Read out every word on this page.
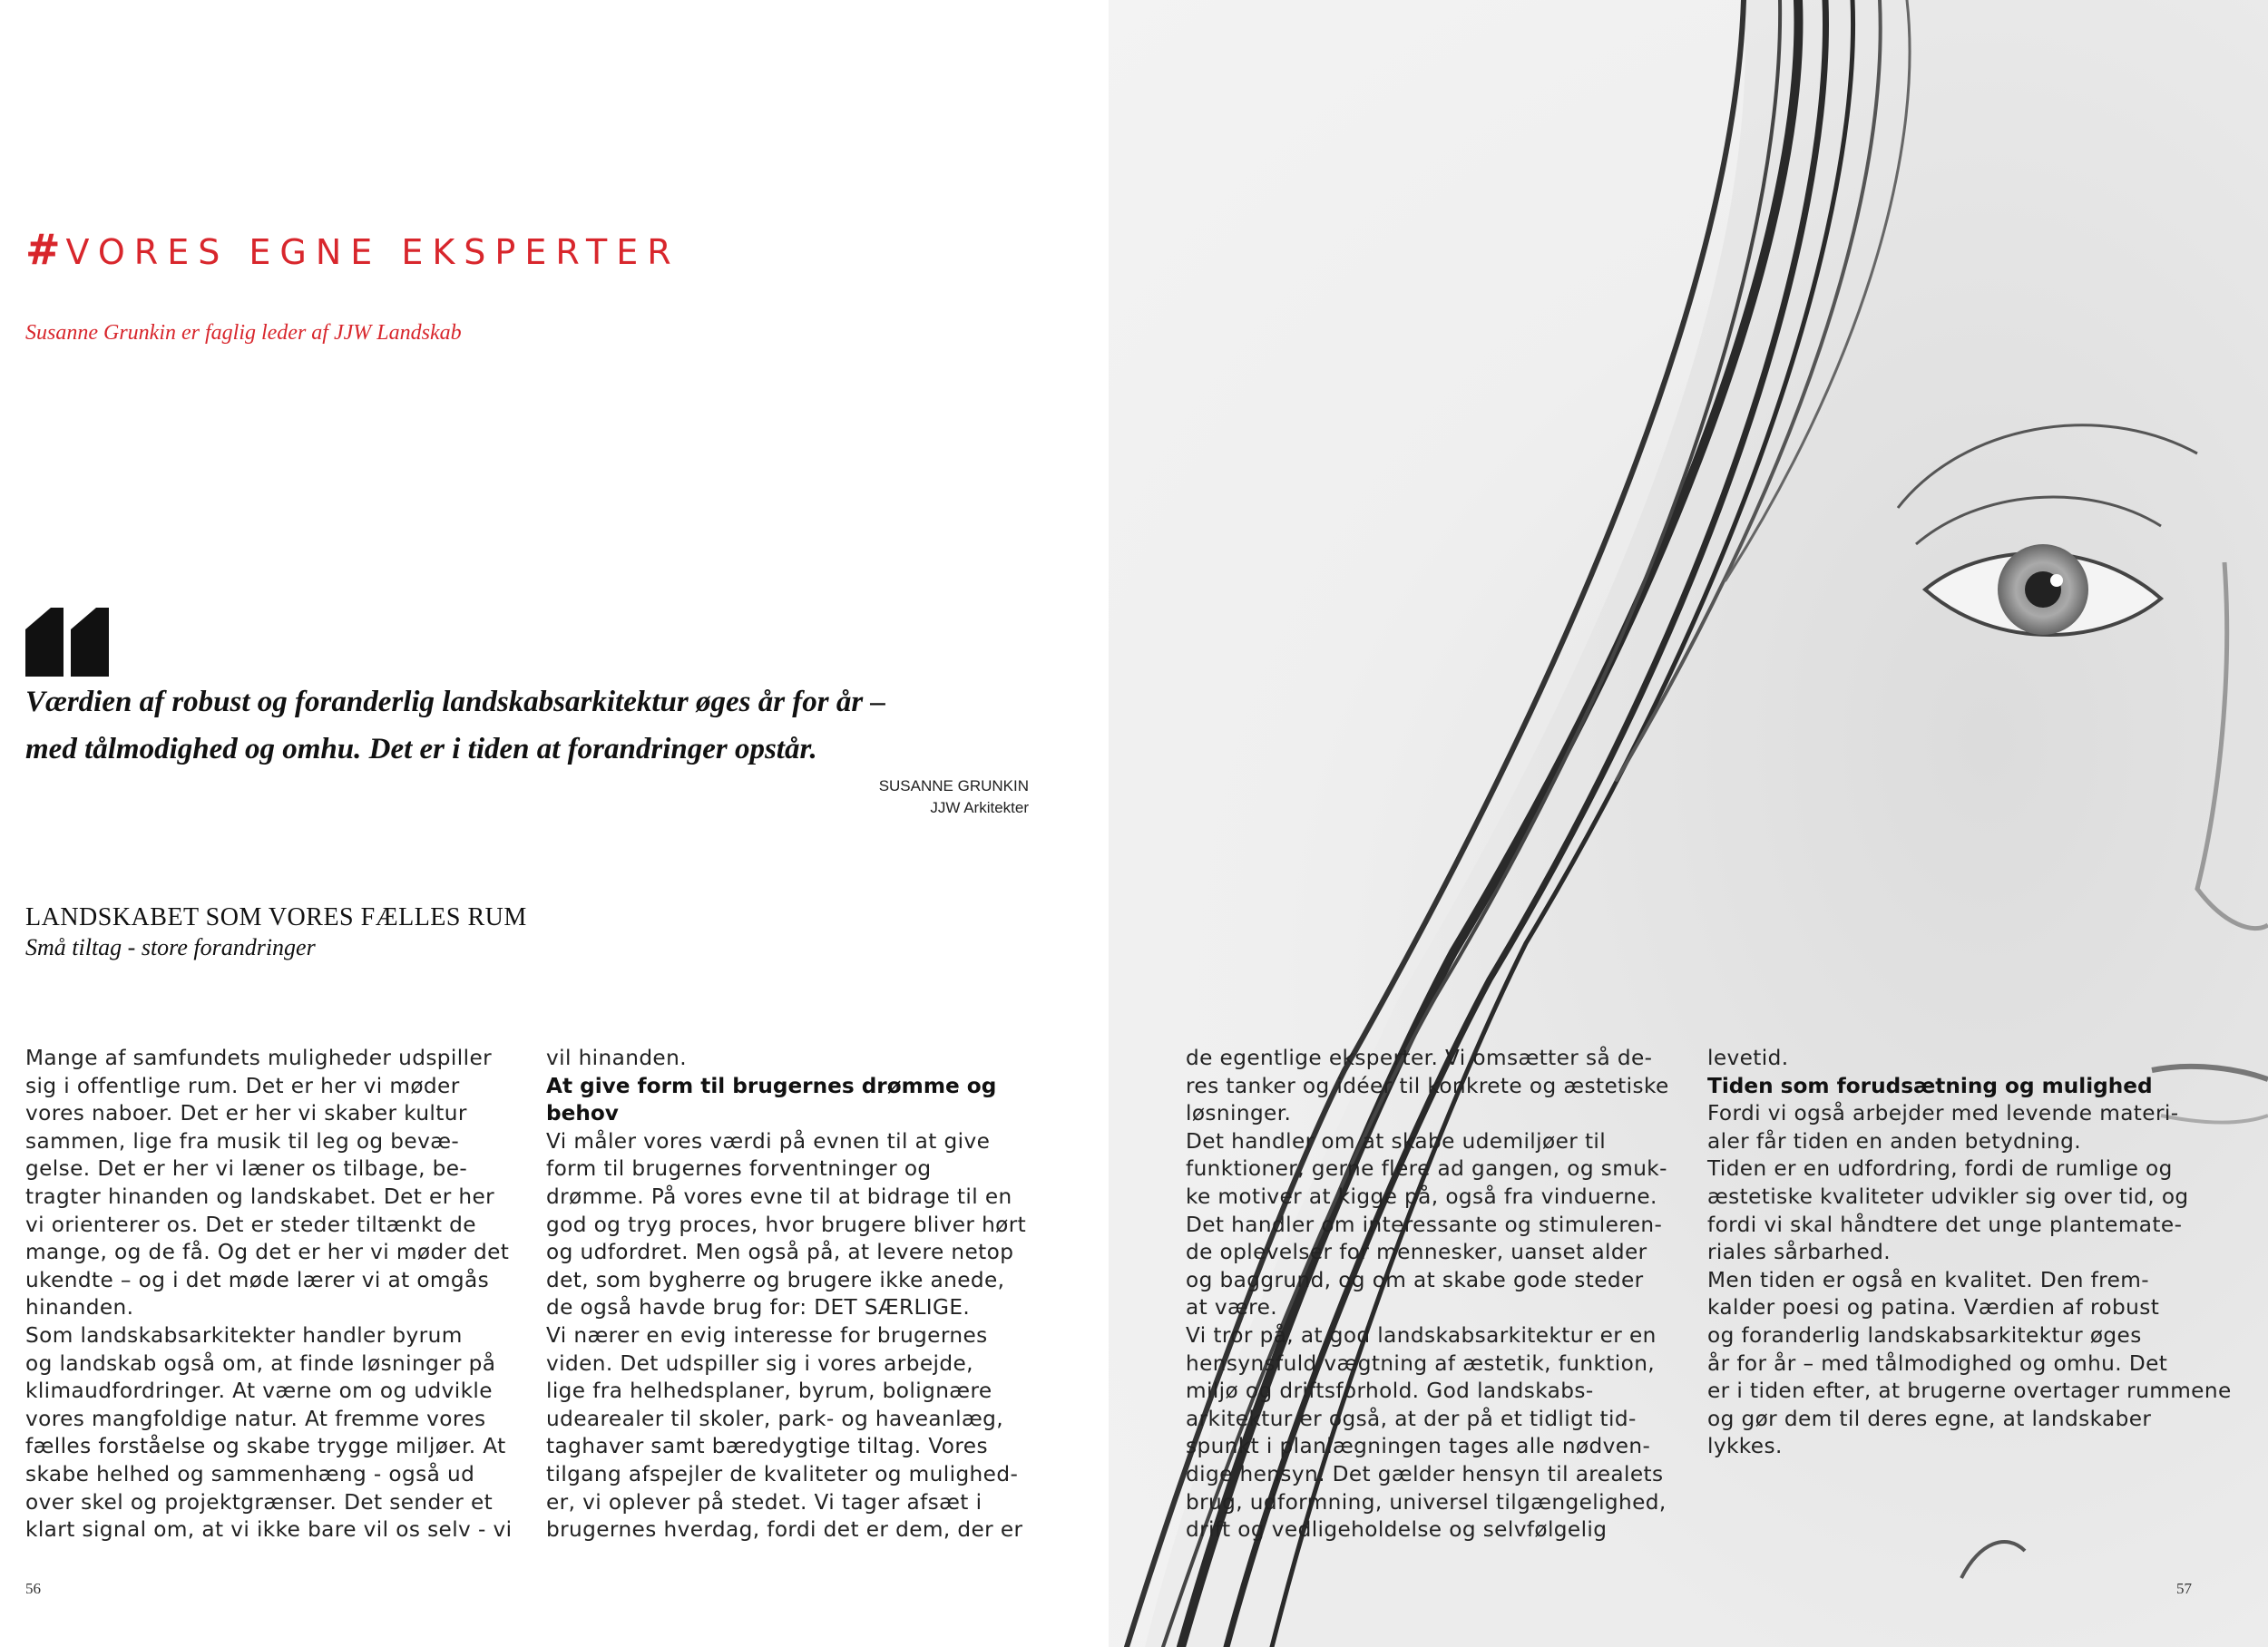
#VORES EGNE EKSPERTER
Susanne Grunkin er faglig leder af JJW Landskab
Værdien af robust og foranderlig landskabsarkitektur øges år for år –
med tålmodighed og omhu. Det er i tiden at forandringer opstår.
SUSANNE GRUNKIN
JJW Arkitekter
LANDSKABET SOM VORES FÆLLES RUM
Små tiltag - store forandringer
Mange af samfundets muligheder udspiller
sig i offentlige rum. Det er her vi møder
vores naboer. Det er her vi skaber kultur
sammen, lige fra musik til leg og bevæ-
gelse. Det er her vi læner os tilbage, be-
tragter hinanden og landskabet. Det er her
vi orienterer os. Det er steder tiltænkt de
mange, og de få. Og det er her vi møder det
ukendte – og i det møde lærer vi at omgås
hinanden.
Som landskabsarkitekter handler byrum
og landskab også om, at finde løsninger på
klimaudfordringer. At værne om og udvikle
vores mangfoldige natur. At fremme vores
fælles forståelse og skabe trygge miljøer. At
skabe helhed og sammenhæng - også ud
over skel og projektgrænser. Det sender et
klart signal om, at vi ikke bare vil os selv - vi
vil hinanden.
At give form til brugernes drømme og
behov
Vi måler vores værdi på evnen til at give
form til brugernes forventninger og
drømme. På vores evne til at bidrage til en
god og tryg proces, hvor brugere bliver hørt
og udfordret. Men også på, at levere netop
det, som bygherre og brugere ikke anede,
de også havde brug for: DET SÆRLIGE.
Vi nærer en evig interesse for brugernes
viden. Det udspiller sig i vores arbejde,
lige fra helhedsplaner, byrum, bolignære
udearealer til skoler, park- og haveanlæg,
taghaver samt bæredygtige tiltag. Vores
tilgang afspejler de kvaliteter og mulighed-
er, vi oplever på stedet. Vi tager afsæt i
brugernes hverdag, fordi det er dem, der er
56
de egentlige eksperter. Vi omsætter så de-
res tanker og idéer til konkrete og æstetiske
løsninger.
Det handler om at skabe udemiljøer til
funktioner, gerne flere ad gangen, og smuk-
ke motiver at kigge på, også fra vinduerne.
Det handler om interessante og stimuleren-
de oplevelser for mennesker, uanset alder
og baggrund, og om at skabe gode steder
at være.
Vi tror på, at god landskabsarkitektur er en
hensynsfuld vægtning af æstetik, funktion,
miljø og driftsforhold. God landskabs-
arkitektur er også, at der på et tidligt tid-
spunkt i planlægningen tages alle nødven-
dige hensyn. Det gælder hensyn til arealets
brug, udformning, universel tilgængelighed,
drift og vedligeholdelse og selvfølgelig
levetid.
Tiden som forudsætning og mulighed
Fordi vi også arbejder med levende materi-
aler får tiden en anden betydning.
Tiden er en udfordring, fordi de rumlige og
æstetiske kvaliteter udvikler sig over tid, og
fordi vi skal håndtere det unge plantemate-
riales sårbarhed.
Men tiden er også en kvalitet. Den frem-
kalder poesi og patina. Værdien af robust
og foranderlig landskabsarkitektur øges
år for år – med tålmodighed og omhu. Det
er i tiden efter, at brugerne overtager rummene
og gør dem til deres egne, at landskaber
lykkes.
57
